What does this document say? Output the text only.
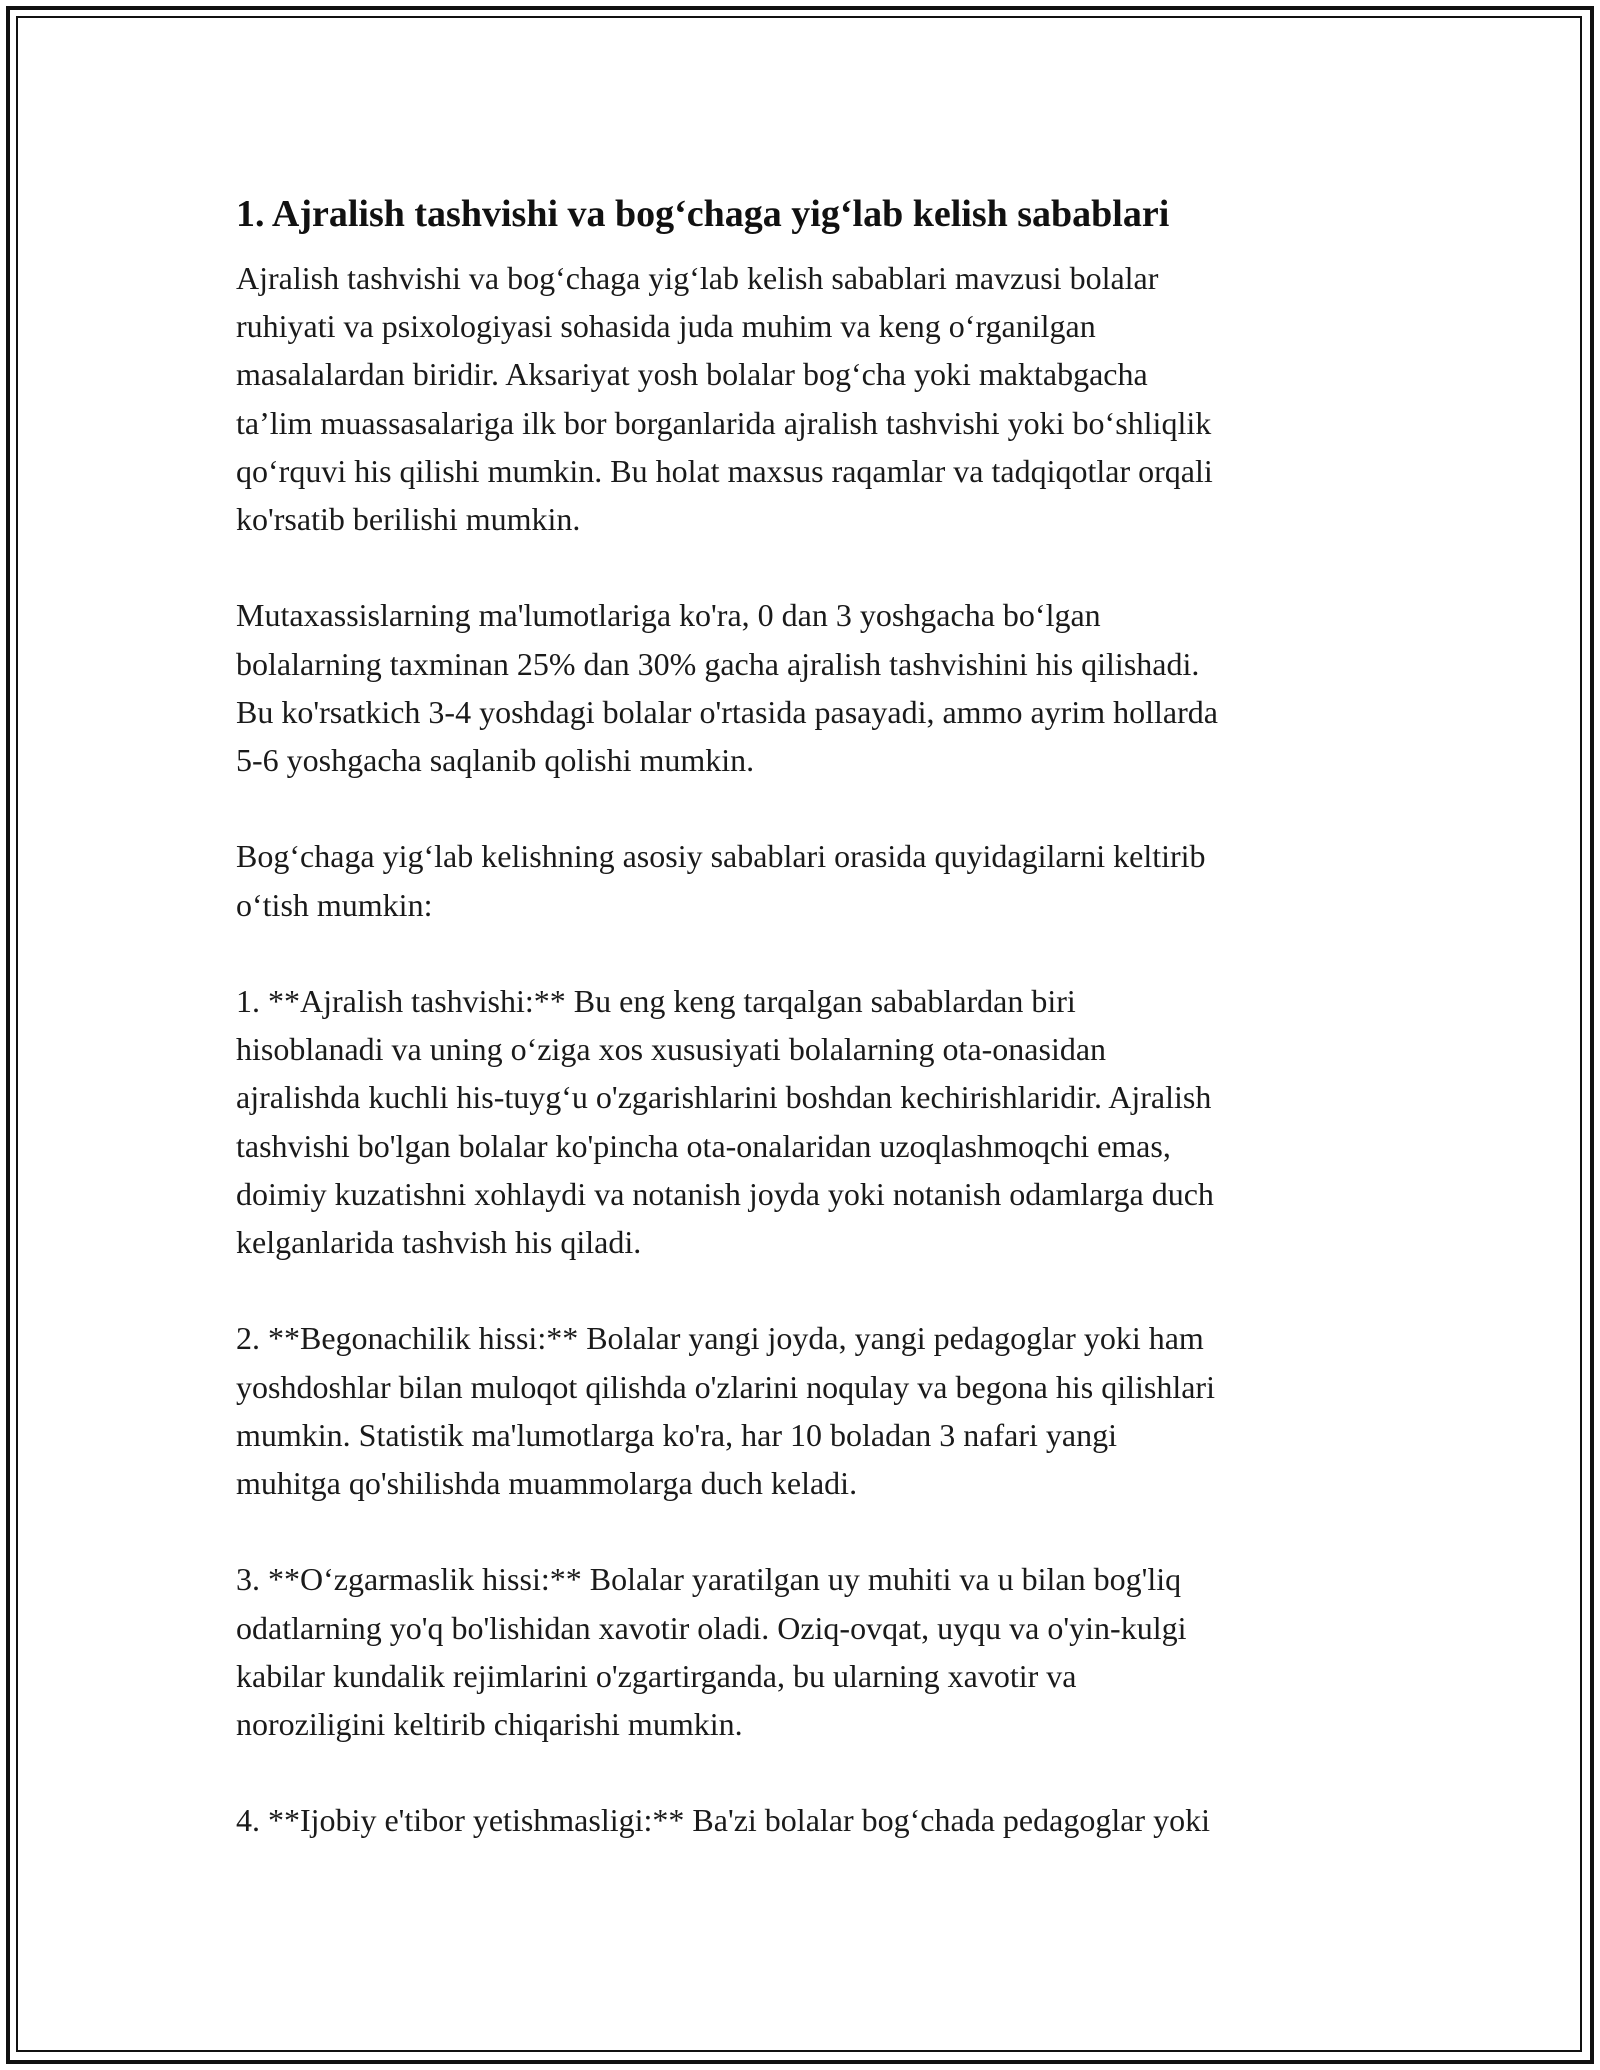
1. Ajralish tashvishi va bog‘chaga yig‘lab kelish sabablari

Ajralish tashvishi va bog‘chaga yig‘lab kelish sabablari mavzusi bolalar
ruhiyati va psixologiyasi sohasida juda muhim va keng o‘rganilgan
masalalardan biridir. Aksariyat yosh bolalar bog‘cha yoki maktabgacha
ta’lim muassasalariga ilk bor borganlarida ajralish tashvishi yoki bo‘shliqlik
qo‘rquvi his qilishi mumkin. Bu holat maxsus raqamlar va tadqiqotlar orqali
ko'rsatib berilishi mumkin.

Mutaxassislarning ma'lumotlariga ko'ra, 0 dan 3 yoshgacha bo‘lgan
bolalarning taxminan 25% dan 30% gacha ajralish tashvishini his qilishadi.
Bu ko'rsatkich 3-4 yoshdagi bolalar o'rtasida pasayadi, ammo ayrim hollarda
5-6 yoshgacha saqlanib qolishi mumkin.

Bog‘chaga yig‘lab kelishning asosiy sabablari orasida quyidagilarni keltirib
o‘tish mumkin:

1. **Ajralish tashvishi:** Bu eng keng tarqalgan sabablardan biri
hisoblanadi va uning o‘ziga xos xususiyati bolalarning ota-onasidan
ajralishda kuchli his-tuyg‘u o'zgarishlarini boshdan kechirishlaridir. Ajralish
tashvishi bo'lgan bolalar ko'pincha ota-onalaridan uzoqlashmoqchi emas,
doimiy kuzatishni xohlaydi va notanish joyda yoki notanish odamlarga duch
kelganlarida tashvish his qiladi.

2. **Begonachilik hissi:** Bolalar yangi joyda, yangi pedagoglar yoki ham
yoshdoshlar bilan muloqot qilishda o'zlarini noqulay va begona his qilishlari
mumkin. Statistik ma'lumotlarga ko'ra, har 10 boladan 3 nafari yangi
muhitga qo'shilishda muammolarga duch keladi.

3. **O‘zgarmaslik hissi:** Bolalar yaratilgan uy muhiti va u bilan bog'liq
odatlarning yo'q bo'lishidan xavotir oladi. Oziq-ovqat, uyqu va o'yin-kulgi
kabilar kundalik rejimlarini o'zgartirganda, bu ularning xavotir va
noroziligini keltirib chiqarishi mumkin.

4. **Ijobiy e'tibor yetishmasligi:** Ba'zi bolalar bog‘chada pedagoglar yoki
